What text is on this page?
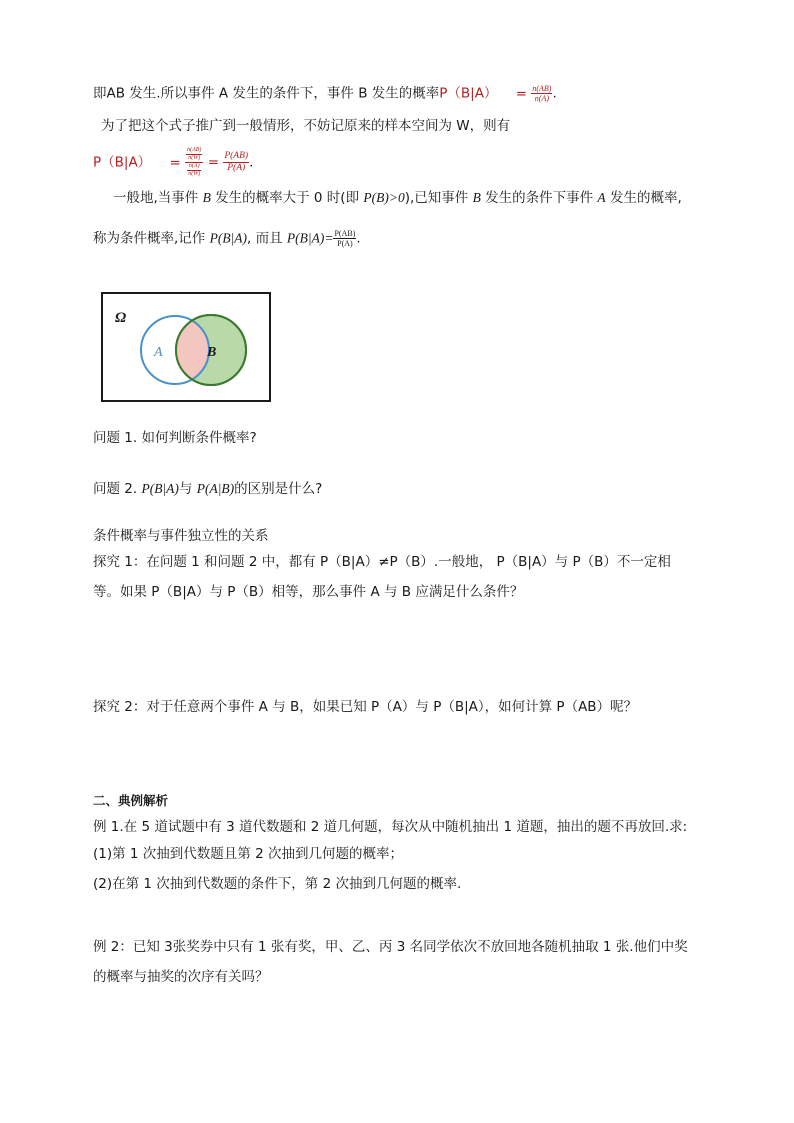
即AB 发生.所以事件 A 发生的条件下，事件 B 发生的概率$P(B|A) = \frac{n(AB)}{n(A)}$ .
为了把这个式子推广到一般情形，不妨记原来的样本空间为 W，则有
$P(B|A) = \frac{\frac{n(AB)}{n(W)}}{\frac{n(A)}{n(W)}} = \frac{P(AB)}{P(A)}$ .
一般地,当事件 B 发生的概率大于 0 时(即 P(B)>0),已知事件 B 发生的条件下事件 A 发生的概率,
称为条件概率,记作 P(B|A), 而且 $P(B|A)= \frac{P(AB)}{P(A)}$ .
Ω
A	B
问题 1. 如何判断条件概率?
问题 2. P(B|A)与 P(A|B)的区别是什么?
条件概率与事件独立性的关系
探究 1：在问题 1 和问题 2 中，都有 P（B|A）≠P（B）.一般地， P（B|A）与 P（B）不一定相
等。如果 P（B|A）与 P（B）相等，那么事件 A 与 B 应满足什么条件？
探究 2：对于任意两个事件 A 与 B，如果已知 P（A）与 P（B|A），如何计算 P（AB）呢？
二、典例解析
例 1.在 5 道试题中有 3 道代数题和 2 道几何题，每次从中随机抽出 1 道题，抽出的题不再放回.求:
(1)第 1 次抽到代数题且第 2 次抽到几何题的概率；
(2)在第 1 次抽到代数题的条件下，第 2 次抽到几何题的概率.
例 2：已知 3张奖券中只有 1 张有奖，甲、乙、丙 3 名同学依次不放回地各随机抽取 1 张.他们中奖
的概率与抽奖的次序有关吗？
